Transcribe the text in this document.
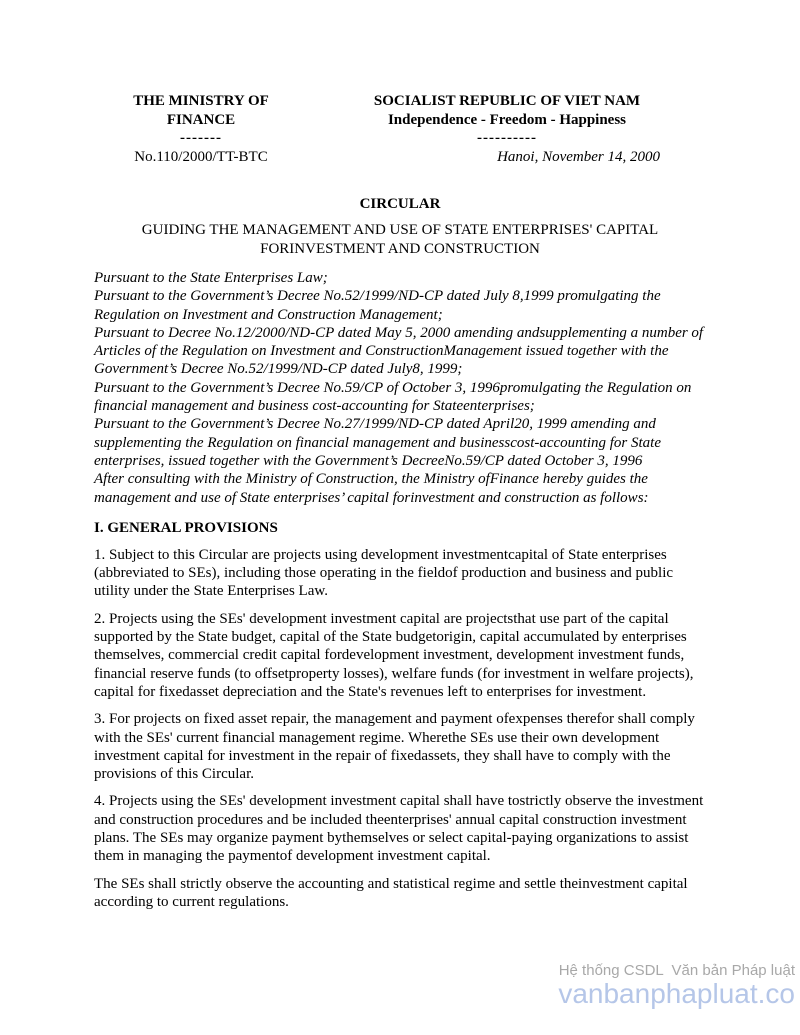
THE MINISTRY OF
FINANCE
-------
No.110/2000/TT-BTC
SOCIALIST REPUBLIC OF VIET NAM
Independence - Freedom - Happiness
----------
Hanoi, November 14, 2000
CIRCULAR
GUIDING THE MANAGEMENT AND USE OF STATE ENTERPRISES' CAPITAL FORINVESTMENT AND CONSTRUCTION

Pursuant to the State Enterprises Law;

Pursuant to the Government’s Decree No.52/1999/ND-CP dated July 8,1999 promulgating the Regulation on Investment and Construction Management;

Pursuant to Decree No.12/2000/ND-CP dated May 5, 2000 amending andsupplementing a number of Articles of the Regulation on Investment and ConstructionManagement issued together with the Government’s Decree No.52/1999/ND-CP dated July8, 1999;

Pursuant to the Government’s Decree No.59/CP of October 3, 1996promulgating the Regulation on financial management and business cost-accounting for Stateenterprises;

Pursuant to the Government’s Decree No.27/1999/ND-CP dated April20, 1999 amending and supplementing the Regulation on financial management and businesscost-accounting for State enterprises, issued together with the Government’s DecreeNo.59/CP dated October 3, 1996

After consulting with the Ministry of Construction, the Ministry ofFinance hereby guides the management and use of State enterprises’ capital forinvestment and construction as follows:

I. GENERAL PROVISIONS

1. Subject to this Circular are projects using development investmentcapital of State enterprises (abbreviated to SEs), including those operating in the fieldof production and business and public utility under the State Enterprises Law.

2. Projects using the SEs' development investment capital are projectsthat use part of the capital supported by the State budget, capital of the State budgetorigin, capital accumulated by enterprises themselves, commercial credit capital fordevelopment investment, development investment funds, financial reserve funds (to offsetproperty losses), welfare funds (for investment in welfare projects), capital for fixedasset depreciation and the State's revenues left to enterprises for investment.

3. For projects on fixed asset repair, the management and payment ofexpenses therefor shall comply with the SEs' current financial management regime. Wherethe SEs use their own development investment capital for investment in the repair of fixedassets, they shall have to comply with the provisions of this Circular.

4. Projects using the SEs' development investment capital shall have tostrictly observe the investment and construction procedures and be included theenterprises' annual capital construction investment plans. The SEs may organize payment bythemselves or select capital-paying organizations to assist them in managing the paymentof development investment capital.

The SEs shall strictly observe the accounting and statistical regime and settle theinvestment capital according to current regulations.

Hệ thống CSDL  Văn bản Pháp luật
vanbanphapluat.co
